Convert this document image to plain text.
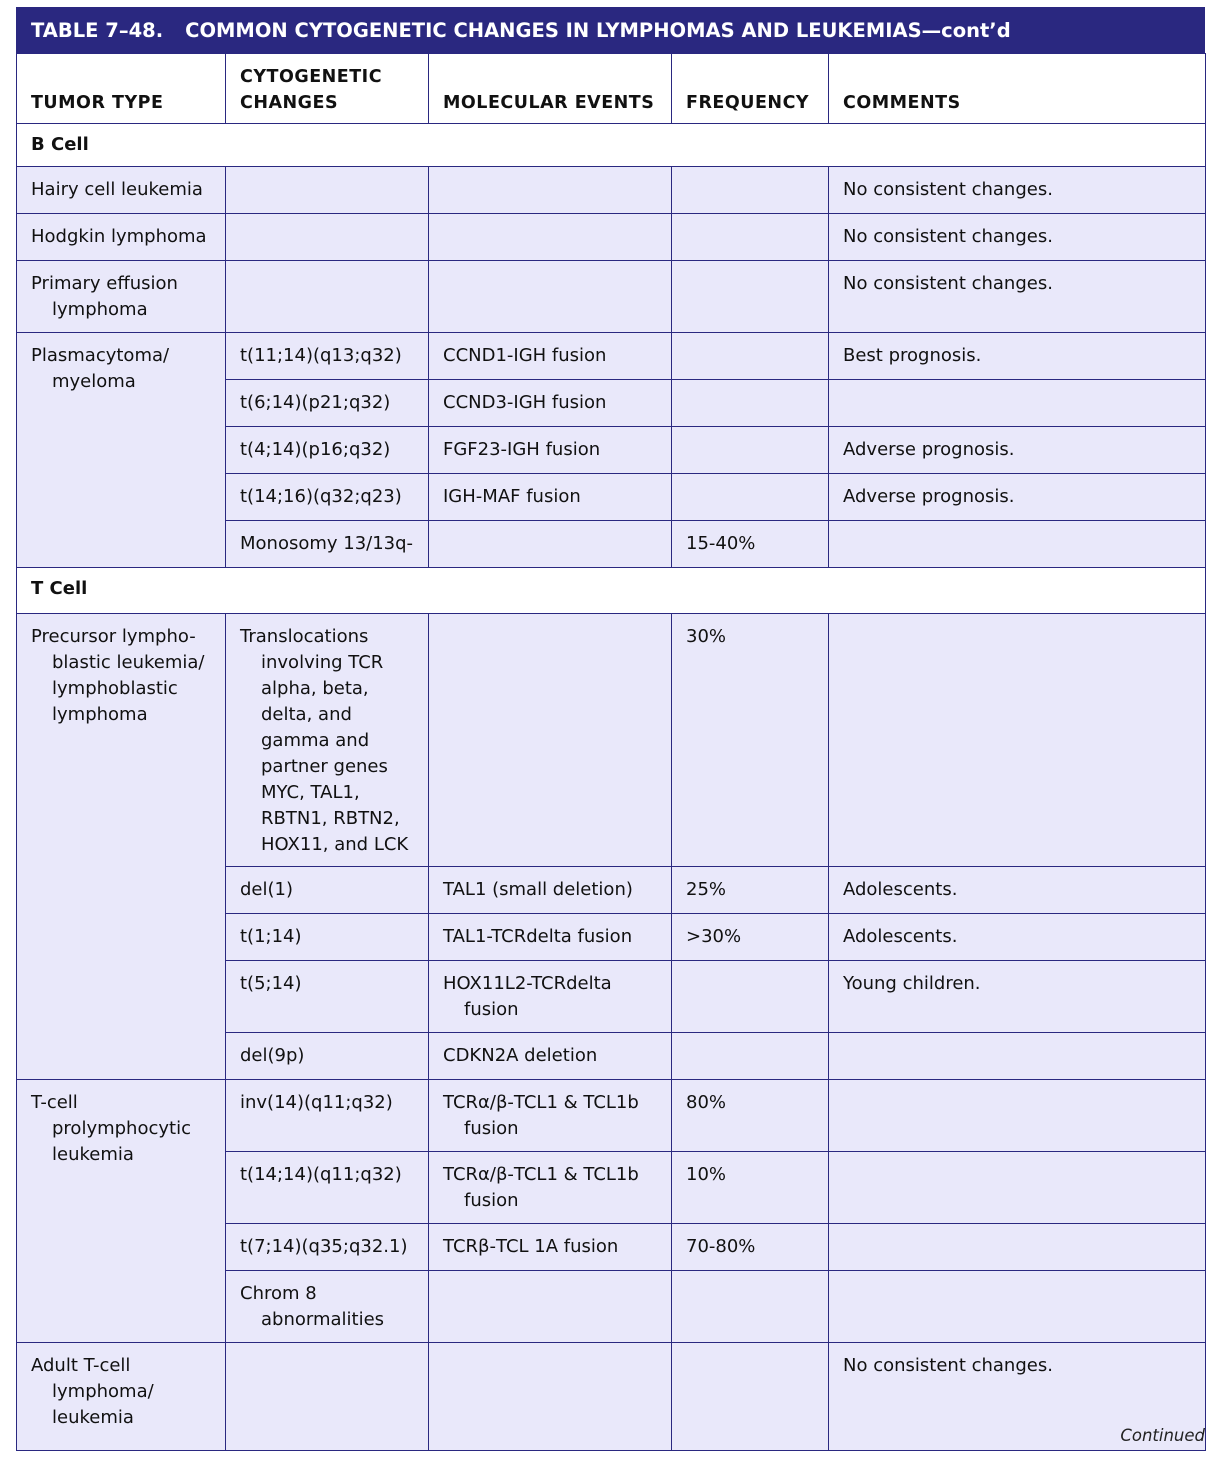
TABLE 7–48. COMMON CYTOGENETIC CHANGES IN LYMPHOMAS AND LEUKEMIAS—cont’d
TUMOR TYPE	CYTOGENETIC CHANGES	MOLECULAR EVENTS	FREQUENCY	COMMENTS
B Cell				

Hairy cell leukemia				No consistent changes.

Hodgkin lymphoma				No consistent changes.

Primary effusion lymphoma				No consistent changes.

Plasmacytoma/ myeloma	t(11;14)(q13;q32)	CCND1-IGH fusion		Best prognosis.
	t(6;14)(p21;q32)	CCND3-IGH fusion		
	t(4;14)(p16;q32)	FGF23-IGH fusion		Adverse prognosis.
	t(14;16)(q32;q23)	IGH-MAF fusion		Adverse prognosis.
	Monosomy 13/13q-		15-40%	
T Cell				

Precursor lympho-blastic leukemia/ lymphoblastic lymphoma	Translocations involving TCR alpha, beta, delta, and gamma and partner genes MYC, TAL1, RBTN1, RBTN2, HOX11, and LCK		30%	
	del(1)	TAL1 (small deletion)	25%	Adolescents.
	t(1;14)	TAL1-TCRdelta fusion	>30%	Adolescents.
	t(5;14)	HOX11L2-TCRdelta fusion		Young children.
	del(9p)	CDKN2A deletion		

T-cell prolymphocytic leukemia	inv(14)(q11;q32)	TCRα/β-TCL1 & TCL1b fusion	80%	
	t(14;14)(q11;q32)	TCRα/β-TCL1 & TCL1b fusion	10%	
	t(7;14)(q35;q32.1)	TCRβ-TCL 1A fusion	70-80%	

	Chrom 8 abnormalities			

Adult T-cell lymphoma/ leukemia				No consistent changes.
Continued
